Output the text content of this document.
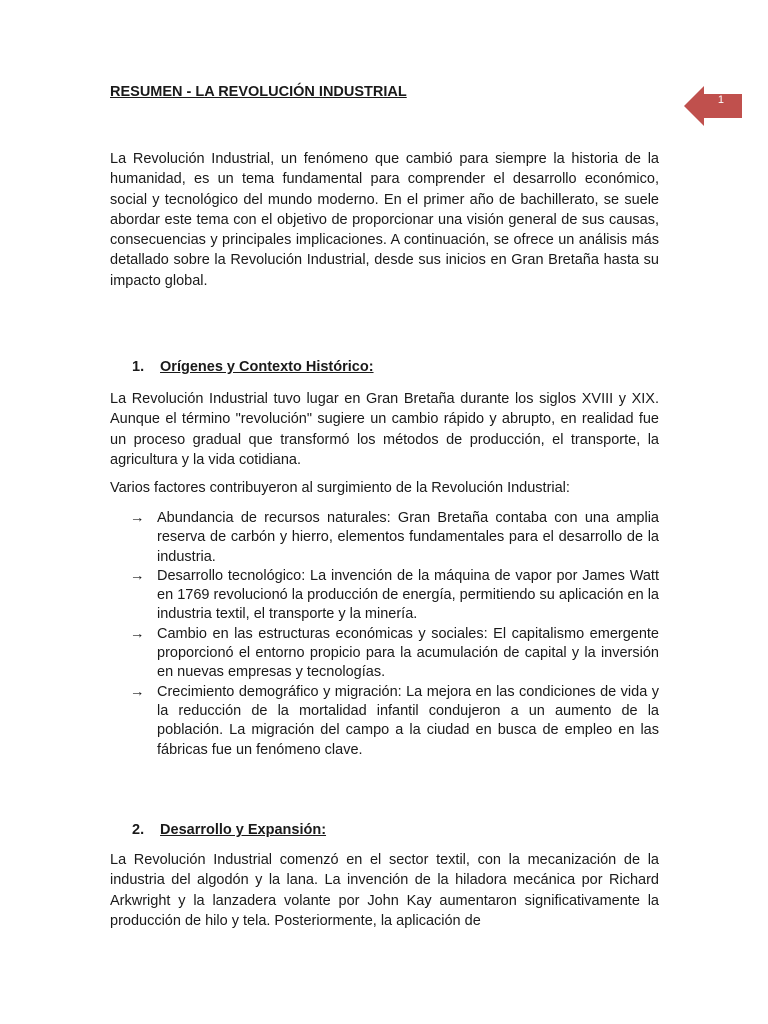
RESUMEN - LA REVOLUCIÓN INDUSTRIAL	1

La Revolución Industrial, un fenómeno que cambió para siempre la historia de la humanidad, es un tema fundamental para comprender el desarrollo económico, social y tecnológico del mundo moderno. En el primer año de bachillerato, se suele abordar este tema con el objetivo de proporcionar una visión general de sus causas, consecuencias y principales implicaciones. A continuación, se ofrece un análisis más detallado sobre la Revolución Industrial, desde sus inicios en Gran Bretaña hasta su impacto global.

1. Orígenes y Contexto Histórico:

La Revolución Industrial tuvo lugar en Gran Bretaña durante los siglos XVIII y XIX. Aunque el término "revolución" sugiere un cambio rápido y abrupto, en realidad fue un proceso gradual que transformó los métodos de producción, el transporte, la agricultura y la vida cotidiana.

Varios factores contribuyeron al surgimiento de la Revolución Industrial:

→ Abundancia de recursos naturales: Gran Bretaña contaba con una amplia reserva de carbón y hierro, elementos fundamentales para el desarrollo de la industria.
→ Desarrollo tecnológico: La invención de la máquina de vapor por James Watt en 1769 revolucionó la producción de energía, permitiendo su aplicación en la industria textil, el transporte y la minería.
→ Cambio en las estructuras económicas y sociales: El capitalismo emergente proporcionó el entorno propicio para la acumulación de capital y la inversión en nuevas empresas y tecnologías.
→ Crecimiento demográfico y migración: La mejora en las condiciones de vida y la reducción de la mortalidad infantil condujeron a un aumento de la población. La migración del campo a la ciudad en busca de empleo en las fábricas fue un fenómeno clave.
2. Desarrollo y Expansión:

La Revolución Industrial comenzó en el sector textil, con la mecanización de la industria del algodón y la lana. La invención de la hiladora mecánica por Richard Arkwright y la lanzadera volante por John Kay aumentaron significativamente la producción de hilo y tela. Posteriormente, la aplicación de
